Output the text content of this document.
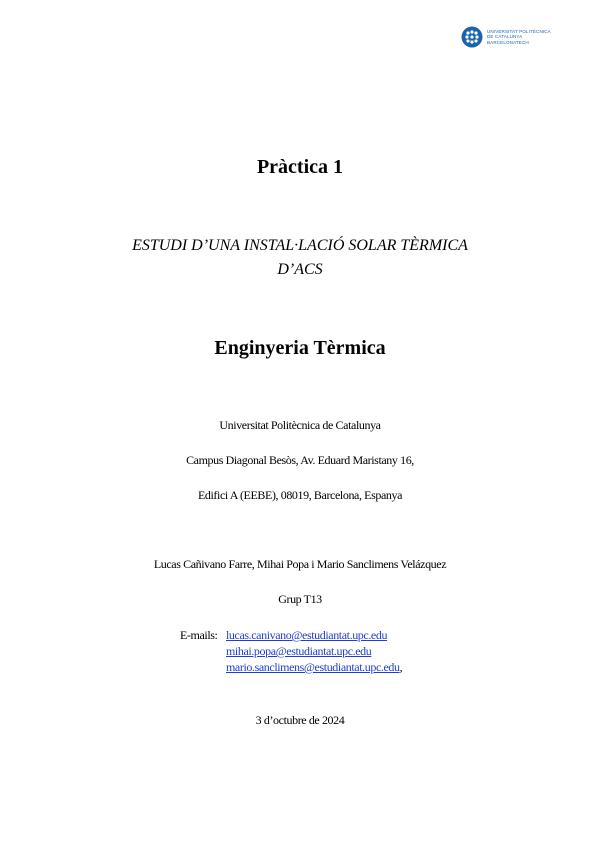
UNIVERSITAT POLITÈCNICA
DE CATALUNYA
BARCELONATECH
Pràctica 1
ESTUDI D’UNA INSTAL·LACIÓ SOLAR TÈRMICA
D’ACS
Enginyeria Tèrmica
Universitat Politècnica de Catalunya
Campus Diagonal Besòs, Av. Eduard Maristany 16,
Edifici A (EEBE), 08019, Barcelona, Espanya
Lucas Cañivano Farre, Mihai Popa i Mario Sanclimens Velázquez
Grup T13
E-mails: lucas.canivano@estudiantat.upc.edu
mihai.popa@estudiantat.upc.edu
mario.sanclimens@estudiantat.upc.edu,
3 d’octubre de 2024
